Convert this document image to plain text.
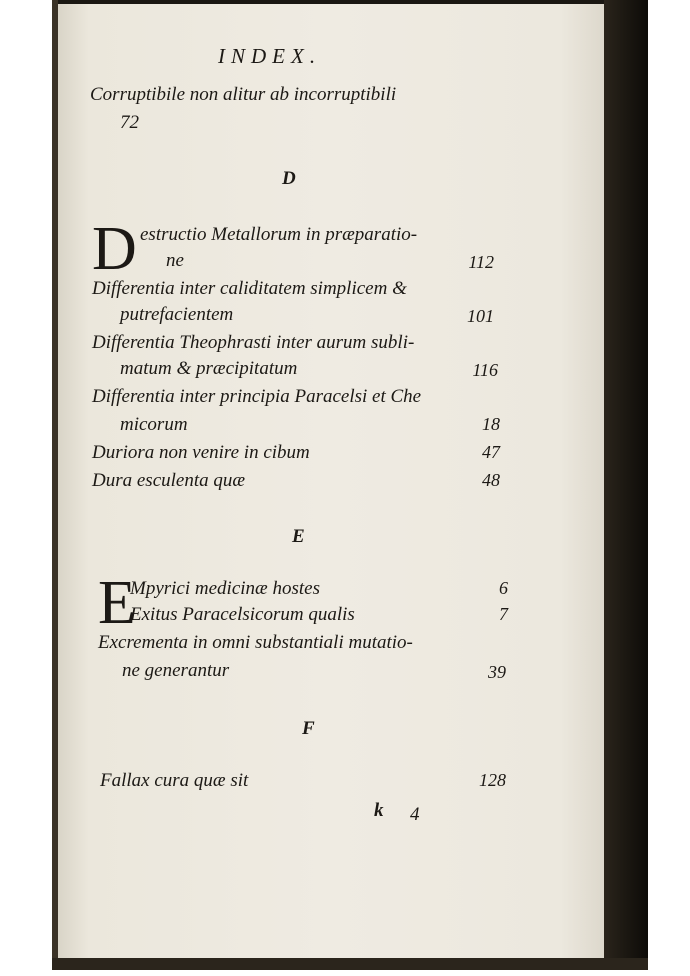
INDEX.
Corruptibile non alitur ab incorruptibili
72
D
D estructio Metallorum in præparatio-
ne	112
Differentia inter caliditatem simplicem &
putrefacientem	101
Differentia Theophrasti inter aurum subli-
matum & præcipitatum	116
Differentia inter principia Paracelsi et Che
micorum	18
Duriora non venire in cibum	47
Dura esculenta quæ	48
E
E
Mpyrici medicinæ hostes	6
Exitus Paracelsicorum qualis	7
Excrementa in omni substantiali mutatio-
ne generantur	39
F
Fallax cura quæ sit	128
k 4
